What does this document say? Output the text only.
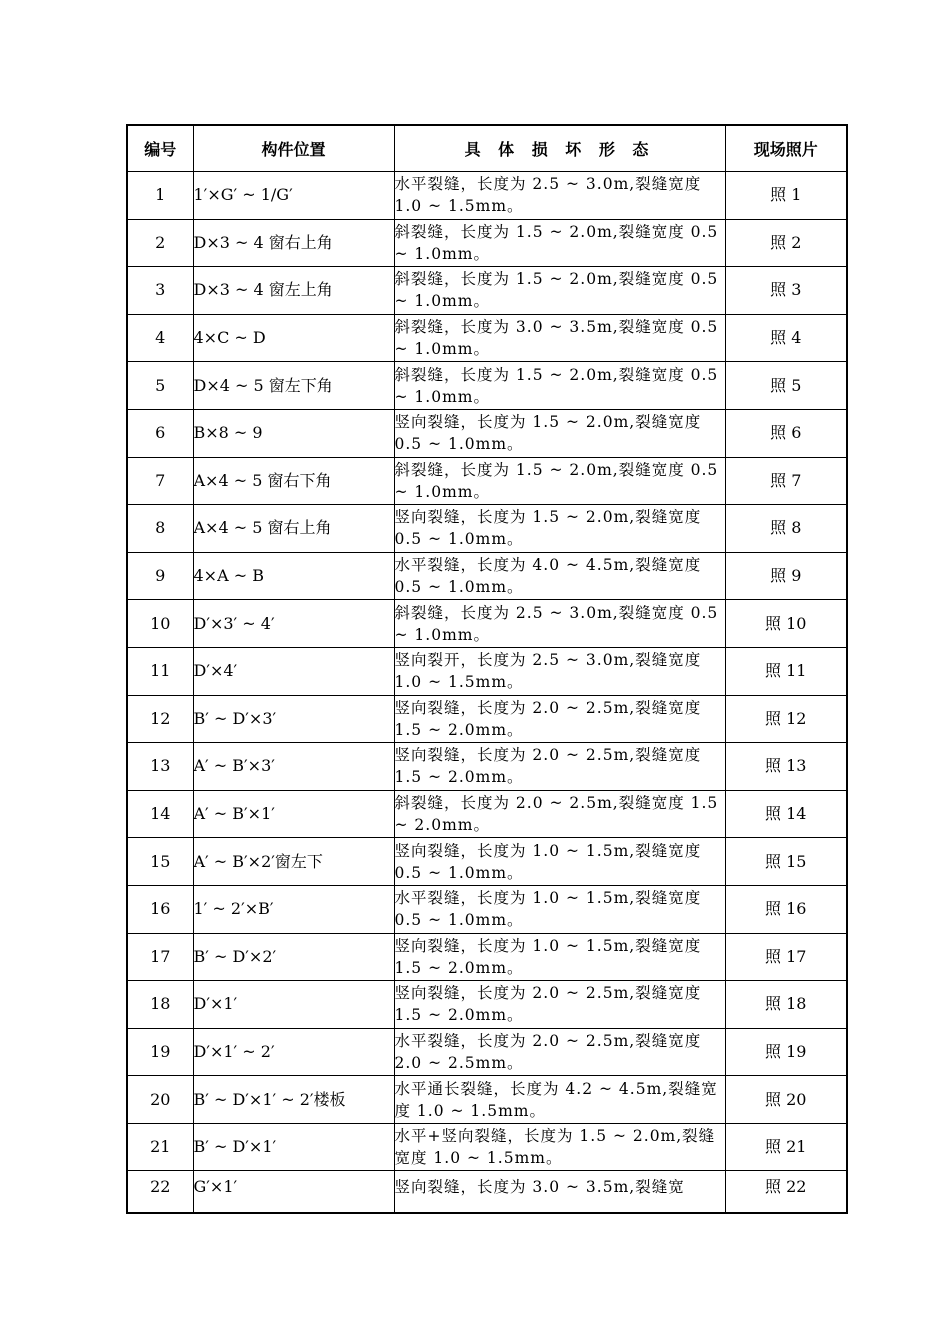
编号	构件位置	具 体 损 坏 形 态	现场照片
1	1′×G′ ~ 1/G′	水平裂缝，长度为 2.5 ~ 3.0m,裂缝宽度 1.0 ~ 1.5mm。	照 1
2	D×3 ~ 4 窗右上角	斜裂缝，长度为 1.5 ~ 2.0m,裂缝宽度 0.5 ~ 1.0mm。	照 2
3	D×3 ~ 4 窗左上角	斜裂缝，长度为 1.5 ~ 2.0m,裂缝宽度 0.5 ~ 1.0mm。	照 3
4	4×C ~ D	斜裂缝，长度为 3.0 ~ 3.5m,裂缝宽度 0.5 ~ 1.0mm。	照 4
5	D×4 ~ 5 窗左下角	斜裂缝，长度为 1.5 ~ 2.0m,裂缝宽度 0.5 ~ 1.0mm。	照 5
6	B×8 ~ 9	竖向裂缝，长度为 1.5 ~ 2.0m,裂缝宽度 0.5 ~ 1.0mm。	照 6
7	A×4 ~ 5 窗右下角	斜裂缝，长度为 1.5 ~ 2.0m,裂缝宽度 0.5 ~ 1.0mm。	照 7
8	A×4 ~ 5 窗右上角	竖向裂缝，长度为 1.5 ~ 2.0m,裂缝宽度 0.5 ~ 1.0mm。	照 8
9	4×A ~ B	水平裂缝，长度为 4.0 ~ 4.5m,裂缝宽度 0.5 ~ 1.0mm。	照 9
10	D′×3′ ~ 4′	斜裂缝，长度为 2.5 ~ 3.0m,裂缝宽度 0.5 ~ 1.0mm。	照 10
11	D′×4′	竖向裂开，长度为 2.5 ~ 3.0m,裂缝宽度 1.0 ~ 1.5mm。	照 11
12	B′ ~ D′×3′	竖向裂缝，长度为 2.0 ~ 2.5m,裂缝宽度 1.5 ~ 2.0mm。	照 12
13	A′ ~ B′×3′	竖向裂缝，长度为 2.0 ~ 2.5m,裂缝宽度 1.5 ~ 2.0mm。	照 13
14	A′ ~ B′×1′	斜裂缝，长度为 2.0 ~ 2.5m,裂缝宽度 1.5 ~ 2.0mm。	照 14
15	A′ ~ B′×2′窗左下	竖向裂缝，长度为 1.0 ~ 1.5m,裂缝宽度 0.5 ~ 1.0mm。	照 15
16	1′ ~ 2′×B′	水平裂缝，长度为 1.0 ~ 1.5m,裂缝宽度 0.5 ~ 1.0mm。	照 16
17	B′ ~ D′×2′	竖向裂缝，长度为 1.0 ~ 1.5m,裂缝宽度 1.5 ~ 2.0mm。	照 17
18	D′×1′	竖向裂缝，长度为 2.0 ~ 2.5m,裂缝宽度 1.5 ~ 2.0mm。	照 18
19	D′×1′ ~ 2′	水平裂缝，长度为 2.0 ~ 2.5m,裂缝宽度 2.0 ~ 2.5mm。	照 19
20	B′ ~ D′×1′ ~ 2′楼板	水平通长裂缝，长度为 4.2 ~ 4.5m,裂缝宽度 1.0 ~ 1.5mm。	照 20
21	B′ ~ D′×1′	水平+竖向裂缝，长度为 1.5 ~ 2.0m,裂缝宽度 1.0 ~ 1.5mm。	照 21
22	G′×1′	竖向裂缝，长度为 3.0 ~ 3.5m,裂缝宽	照 22
